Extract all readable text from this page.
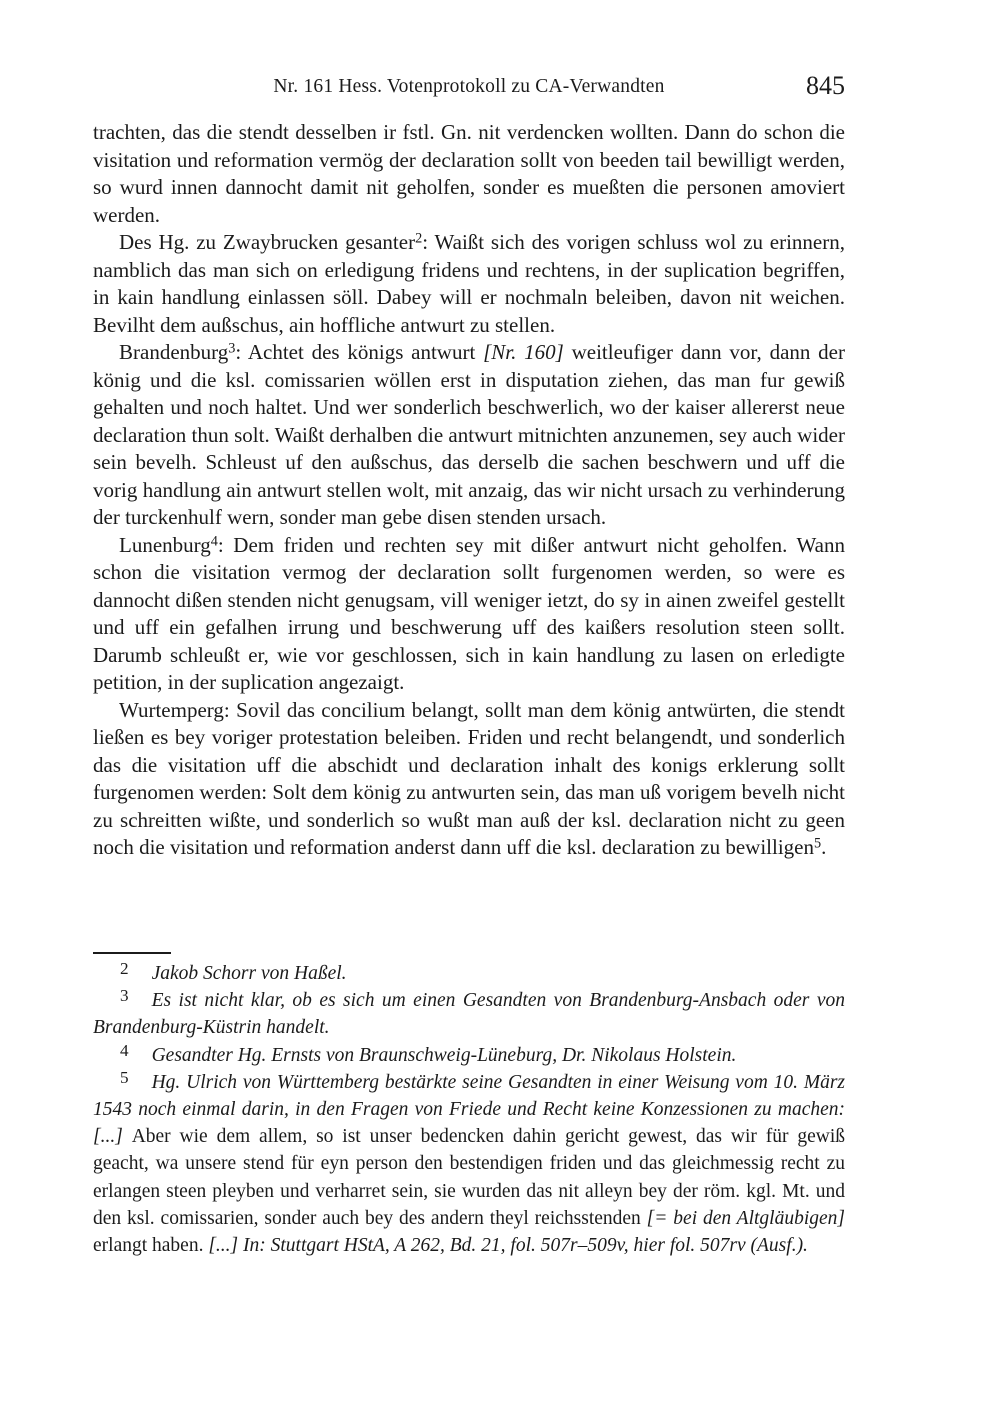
Nr. 161 Hess. Votenprotokoll zu CA-Verwandten	845

trachten, das die stendt desselben ir fstl. Gn. nit verdencken wollten. Dann do schon die visitation und reformation vermög der declaration sollt von beeden tail bewilligt werden, so wurd innen dannocht damit nit geholfen, sonder es mueßten die personen amoviert werden.

Des Hg. zu Zwaybrucken gesanter$^2$: Waißt sich des vorigen schluss wol zu erinnern, namblich das man sich on erledigung fridens und rechtens, in der suplication begriffen, in kain handlung einlassen söll. Dabey will er nochmaln beleiben, davon nit weichen. Bevilht dem außschus, ain hoffliche antwurt zu stellen.

Brandenburg$^3$: Achtet des königs antwurt [Nr. 160] weitleufiger dann vor, dann der könig und die ksl. comissarien wöllen erst in disputation ziehen, das man fur gewiß gehalten und noch haltet. Und wer sonderlich beschwerlich, wo der kaiser allererst neue declaration thun solt. Waißt derhalben die antwurt mitnichten anzunemen, sey auch wider sein bevelh. Schleust uf den außschus, das derselb die sachen beschwern und uff die vorig handlung ain antwurt stellen wolt, mit anzaig, das wir nicht ursach zu verhinderung der turckenhulf wern, sonder man gebe disen stenden ursach.

Lunenburg$^4$: Dem friden und rechten sey mit dißer antwurt nicht geholfen. Wann schon die visitation vermog der declaration sollt furgenomen werden, so were es dannocht dißen stenden nicht genugsam, vill weniger ietzt, do sy in ainen zweifel gestellt und uff ein gefalhen irrung und beschwerung uff des kaißers resolution steen sollt. Darumb schleußt er, wie vor geschlossen, sich in kain handlung zu lasen on erledigte petition, in der suplication angezaigt.

Wurtemperg: Sovil das concilium belangt, sollt man dem könig antwürten, die stendt ließen es bey voriger protestation beleiben. Friden und recht belangendt, und sonderlich das die visitation uff die abschidt und declaration inhalt des konigs erklerung sollt furgenomen werden: Solt dem könig zu antwurten sein, das man uß vorigem bevelh nicht zu schreitten wißte, und sonderlich so wußt man auß der ksl. declaration nicht zu geen noch die visitation und reformation anderst dann uff die ksl. declaration zu bewilligen$^5$.

2 Jakob Schorr von Haßel.

3 Es ist nicht klar, ob es sich um einen Gesandten von Brandenburg-Ansbach oder von Brandenburg-Küstrin handelt.

4 Gesandter Hg. Ernsts von Braunschweig-Lüneburg, Dr. Nikolaus Holstein.

5 Hg. Ulrich von Württemberg bestärkte seine Gesandten in einer Weisung vom 10. März 1543 noch einmal darin, in den Fragen von Friede und Recht keine Konzessionen zu machen: [...] Aber wie dem allem, so ist unser bedencken dahin gericht gewest, das wir für gewiß geacht, wa unsere stend für eyn person den bestendigen friden und das gleichmessig recht zu erlangen steen pleyben und verharret sein, sie wurden das nit alleyn bey der röm. kgl. Mt. und den ksl. comissarien, sonder auch bey des andern theyl reichsstenden [= bei den Altgläubigen] erlangt haben. [...] In: Stuttgart HStA, A 262, Bd. 21, fol. 507r–509v, hier fol. 507rv (Ausf.).
